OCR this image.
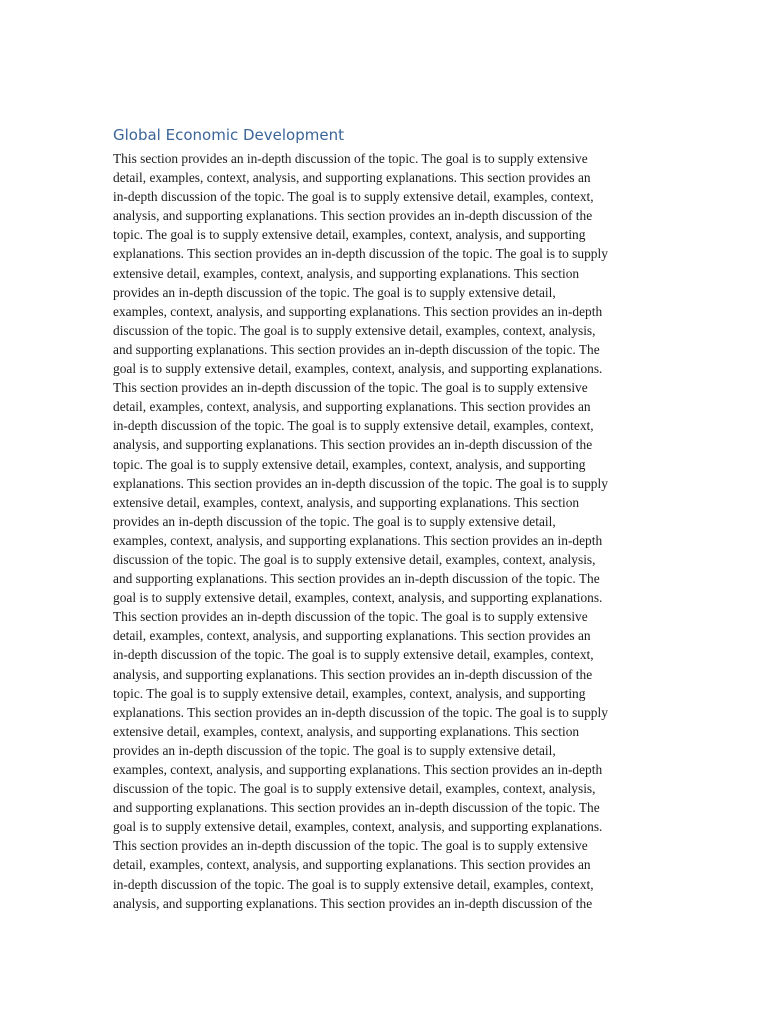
Global Economic Development
This section provides an in-depth discussion of the topic. The goal is to supply extensive
detail, examples, context, analysis, and supporting explanations. This section provides an
in-depth discussion of the topic. The goal is to supply extensive detail, examples, context,
analysis, and supporting explanations. This section provides an in-depth discussion of the
topic. The goal is to supply extensive detail, examples, context, analysis, and supporting
explanations. This section provides an in-depth discussion of the topic. The goal is to supply
extensive detail, examples, context, analysis, and supporting explanations. This section
provides an in-depth discussion of the topic. The goal is to supply extensive detail,
examples, context, analysis, and supporting explanations. This section provides an in-depth
discussion of the topic. The goal is to supply extensive detail, examples, context, analysis,
and supporting explanations. This section provides an in-depth discussion of the topic. The
goal is to supply extensive detail, examples, context, analysis, and supporting explanations.
This section provides an in-depth discussion of the topic. The goal is to supply extensive
detail, examples, context, analysis, and supporting explanations. This section provides an
in-depth discussion of the topic. The goal is to supply extensive detail, examples, context,
analysis, and supporting explanations. This section provides an in-depth discussion of the
topic. The goal is to supply extensive detail, examples, context, analysis, and supporting
explanations. This section provides an in-depth discussion of the topic. The goal is to supply
extensive detail, examples, context, analysis, and supporting explanations. This section
provides an in-depth discussion of the topic. The goal is to supply extensive detail,
examples, context, analysis, and supporting explanations. This section provides an in-depth
discussion of the topic. The goal is to supply extensive detail, examples, context, analysis,
and supporting explanations. This section provides an in-depth discussion of the topic. The
goal is to supply extensive detail, examples, context, analysis, and supporting explanations.
This section provides an in-depth discussion of the topic. The goal is to supply extensive
detail, examples, context, analysis, and supporting explanations. This section provides an
in-depth discussion of the topic. The goal is to supply extensive detail, examples, context,
analysis, and supporting explanations. This section provides an in-depth discussion of the
topic. The goal is to supply extensive detail, examples, context, analysis, and supporting
explanations. This section provides an in-depth discussion of the topic. The goal is to supply
extensive detail, examples, context, analysis, and supporting explanations. This section
provides an in-depth discussion of the topic. The goal is to supply extensive detail,
examples, context, analysis, and supporting explanations. This section provides an in-depth
discussion of the topic. The goal is to supply extensive detail, examples, context, analysis,
and supporting explanations. This section provides an in-depth discussion of the topic. The
goal is to supply extensive detail, examples, context, analysis, and supporting explanations.
This section provides an in-depth discussion of the topic. The goal is to supply extensive
detail, examples, context, analysis, and supporting explanations. This section provides an
in-depth discussion of the topic. The goal is to supply extensive detail, examples, context,
analysis, and supporting explanations. This section provides an in-depth discussion of the
